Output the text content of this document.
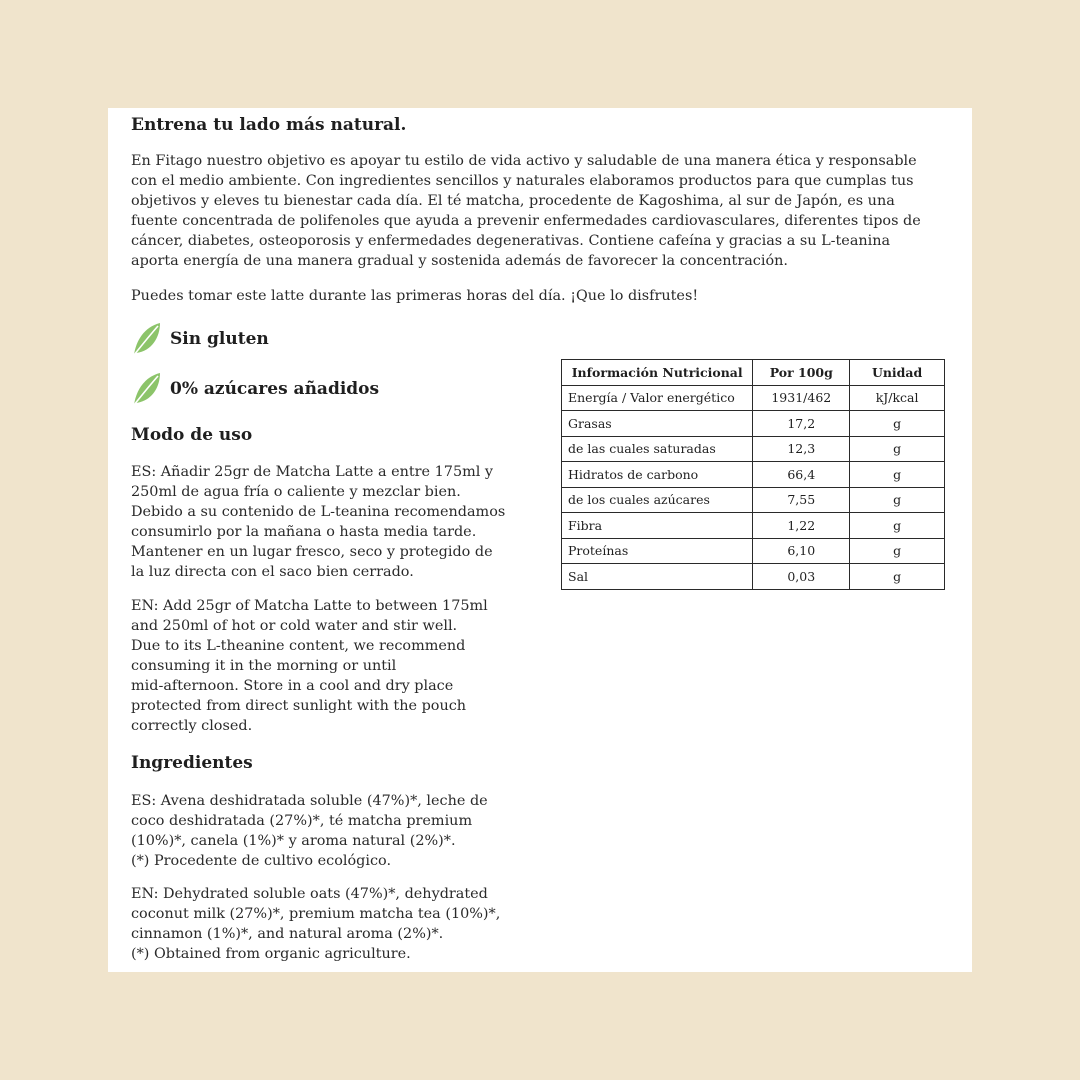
Entrena tu lado más natural.
En Fitago nuestro objetivo es apoyar tu estilo de vida activo y saludable de una manera ética y responsable
con el medio ambiente. Con ingredientes sencillos y naturales elaboramos productos para que cumplas tus
objetivos y eleves tu bienestar cada día. El té matcha, procedente de Kagoshima, al sur de Japón, es una
fuente concentrada de polifenoles que ayuda a prevenir enfermedades cardiovasculares, diferentes tipos de
cáncer, diabetes, osteoporosis y enfermedades degenerativas. Contiene cafeína y gracias a su L-teanina
aporta energía de una manera gradual y sostenida además de favorecer la concentración.
Puedes tomar este latte durante las primeras horas del día. ¡Que lo disfrutes!
Sin gluten
0% azúcares añadidos
Modo de uso
ES: Añadir 25gr de Matcha Latte a entre 175ml y
250ml de agua fría o caliente y mezclar bien.
Debido a su contenido de L-teanina recomendamos
consumirlo por la mañana o hasta media tarde.
Mantener en un lugar fresco, seco y protegido de
la luz directa con el saco bien cerrado.
EN: Add 25gr of Matcha Latte to between 175ml
and 250ml of hot or cold water and stir well.
Due to its L-theanine content, we recommend
consuming it in the morning or until
mid-afternoon. Store in a cool and dry place
protected from direct sunlight with the pouch
correctly closed.
Ingredientes
ES: Avena deshidratada soluble (47%)*, leche de
coco deshidratada (27%)*, té matcha premium
(10%)*, canela (1%)* y aroma natural (2%)*.
(*) Procedente de cultivo ecológico.
EN: Dehydrated soluble oats (47%)*, dehydrated
coconut milk (27%)*, premium matcha tea (10%)*,
cinnamon (1%)*, and natural aroma (2%)*.
(*) Obtained from organic agriculture.
Información Nutricional	Por 100g	Unidad
Energía / Valor energético	1931/462	kJ/kcal
Grasas	17,2	g
de las cuales saturadas	12,3	g
Hidratos de carbono	66,4	g
de los cuales azúcares	7,55	g
Fibra	1,22	g
Proteínas	6,10	g
Sal	0,03	g
